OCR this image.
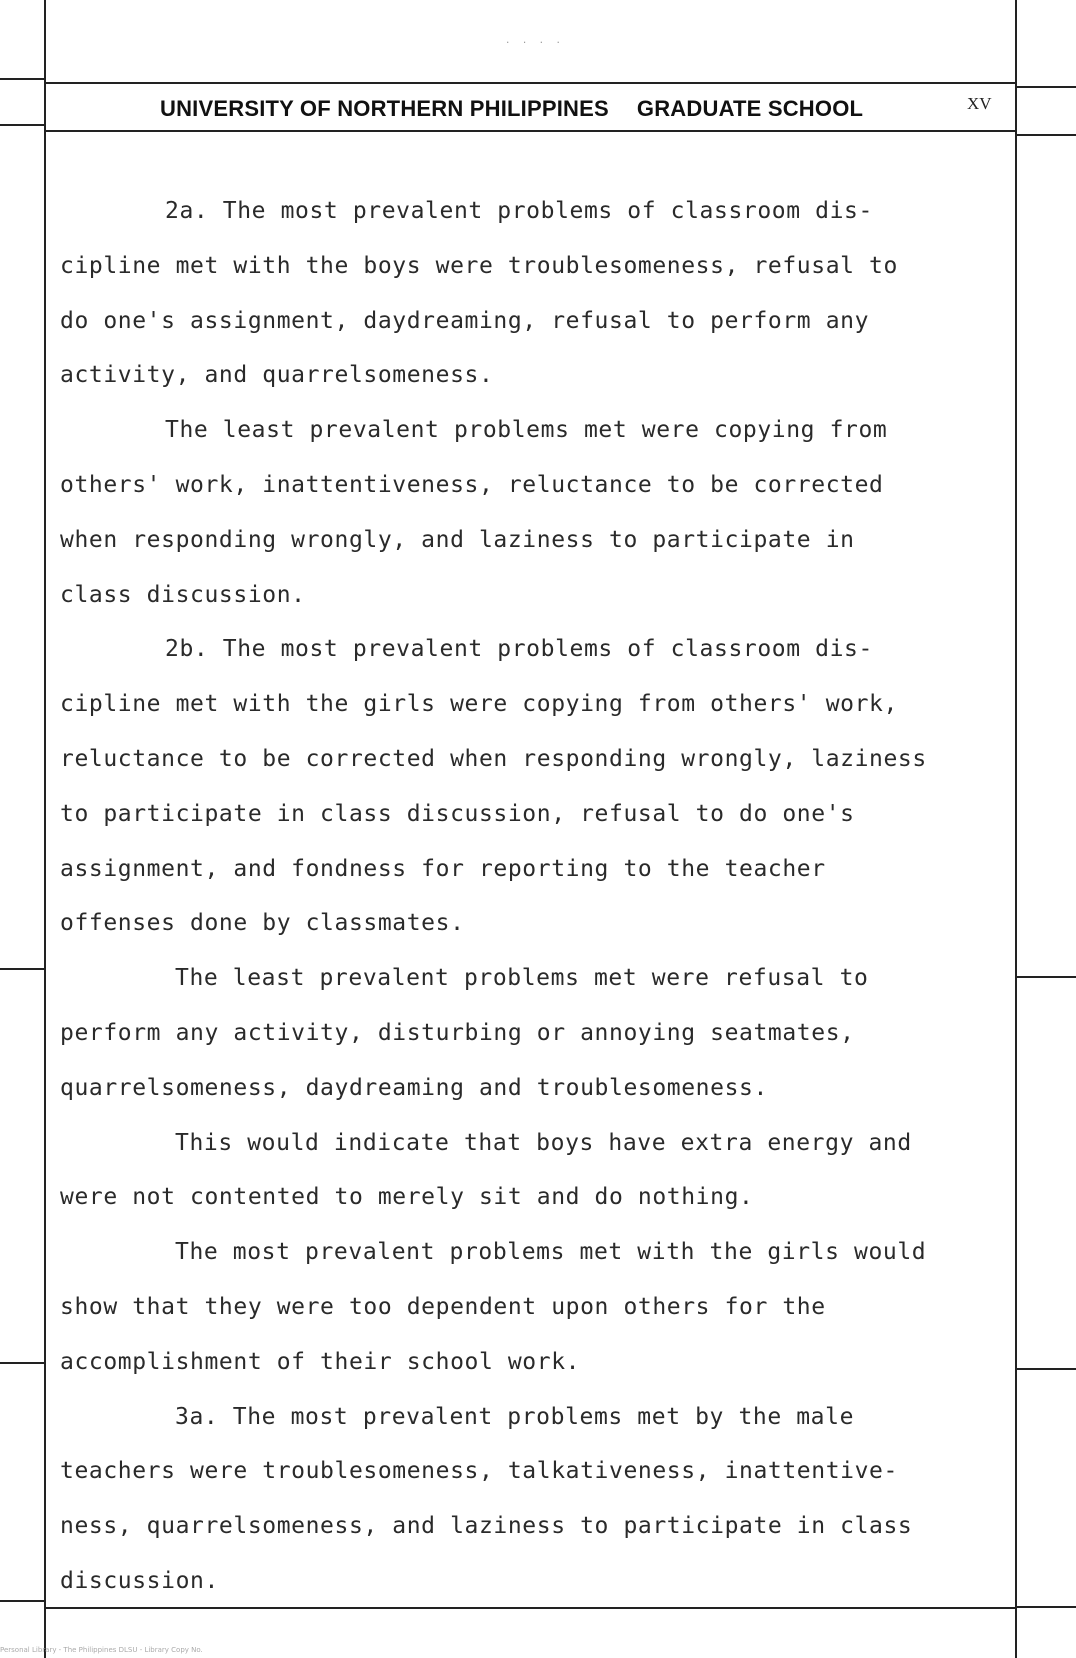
. . . .
UNIVERSITY OF NORTHERN PHILIPPINES GRADUATE SCHOOL	XV
2a. The most prevalent problems of classroom dis-
cipline met with the boys were troublesomeness, refusal to
do one's assignment, daydreaming, refusal to perform any
activity, and quarrelsomeness.
The least prevalent problems met were copying from
others' work, inattentiveness, reluctance to be corrected
when responding wrongly, and laziness to participate in
class discussion.
2b. The most prevalent problems of classroom dis-
cipline met with the girls were copying from others' work,
reluctance to be corrected when responding wrongly, laziness
to participate in class discussion, refusal to do one's
assignment, and fondness for reporting to the teacher
offenses done by classmates.
The least prevalent problems met were refusal to
perform any activity, disturbing or annoying seatmates,
quarrelsomeness, daydreaming and troublesomeness.
This would indicate that boys have extra energy and
were not contented to merely sit and do nothing.
The most prevalent problems met with the girls would
show that they were too dependent upon others for the
accomplishment of their school work.
3a. The most prevalent problems met by the male
teachers were troublesomeness, talkativeness, inattentive-
ness, quarrelsomeness, and laziness to participate in class
discussion.
Personal Library - The Philippines DLSU - Library Copy No.
